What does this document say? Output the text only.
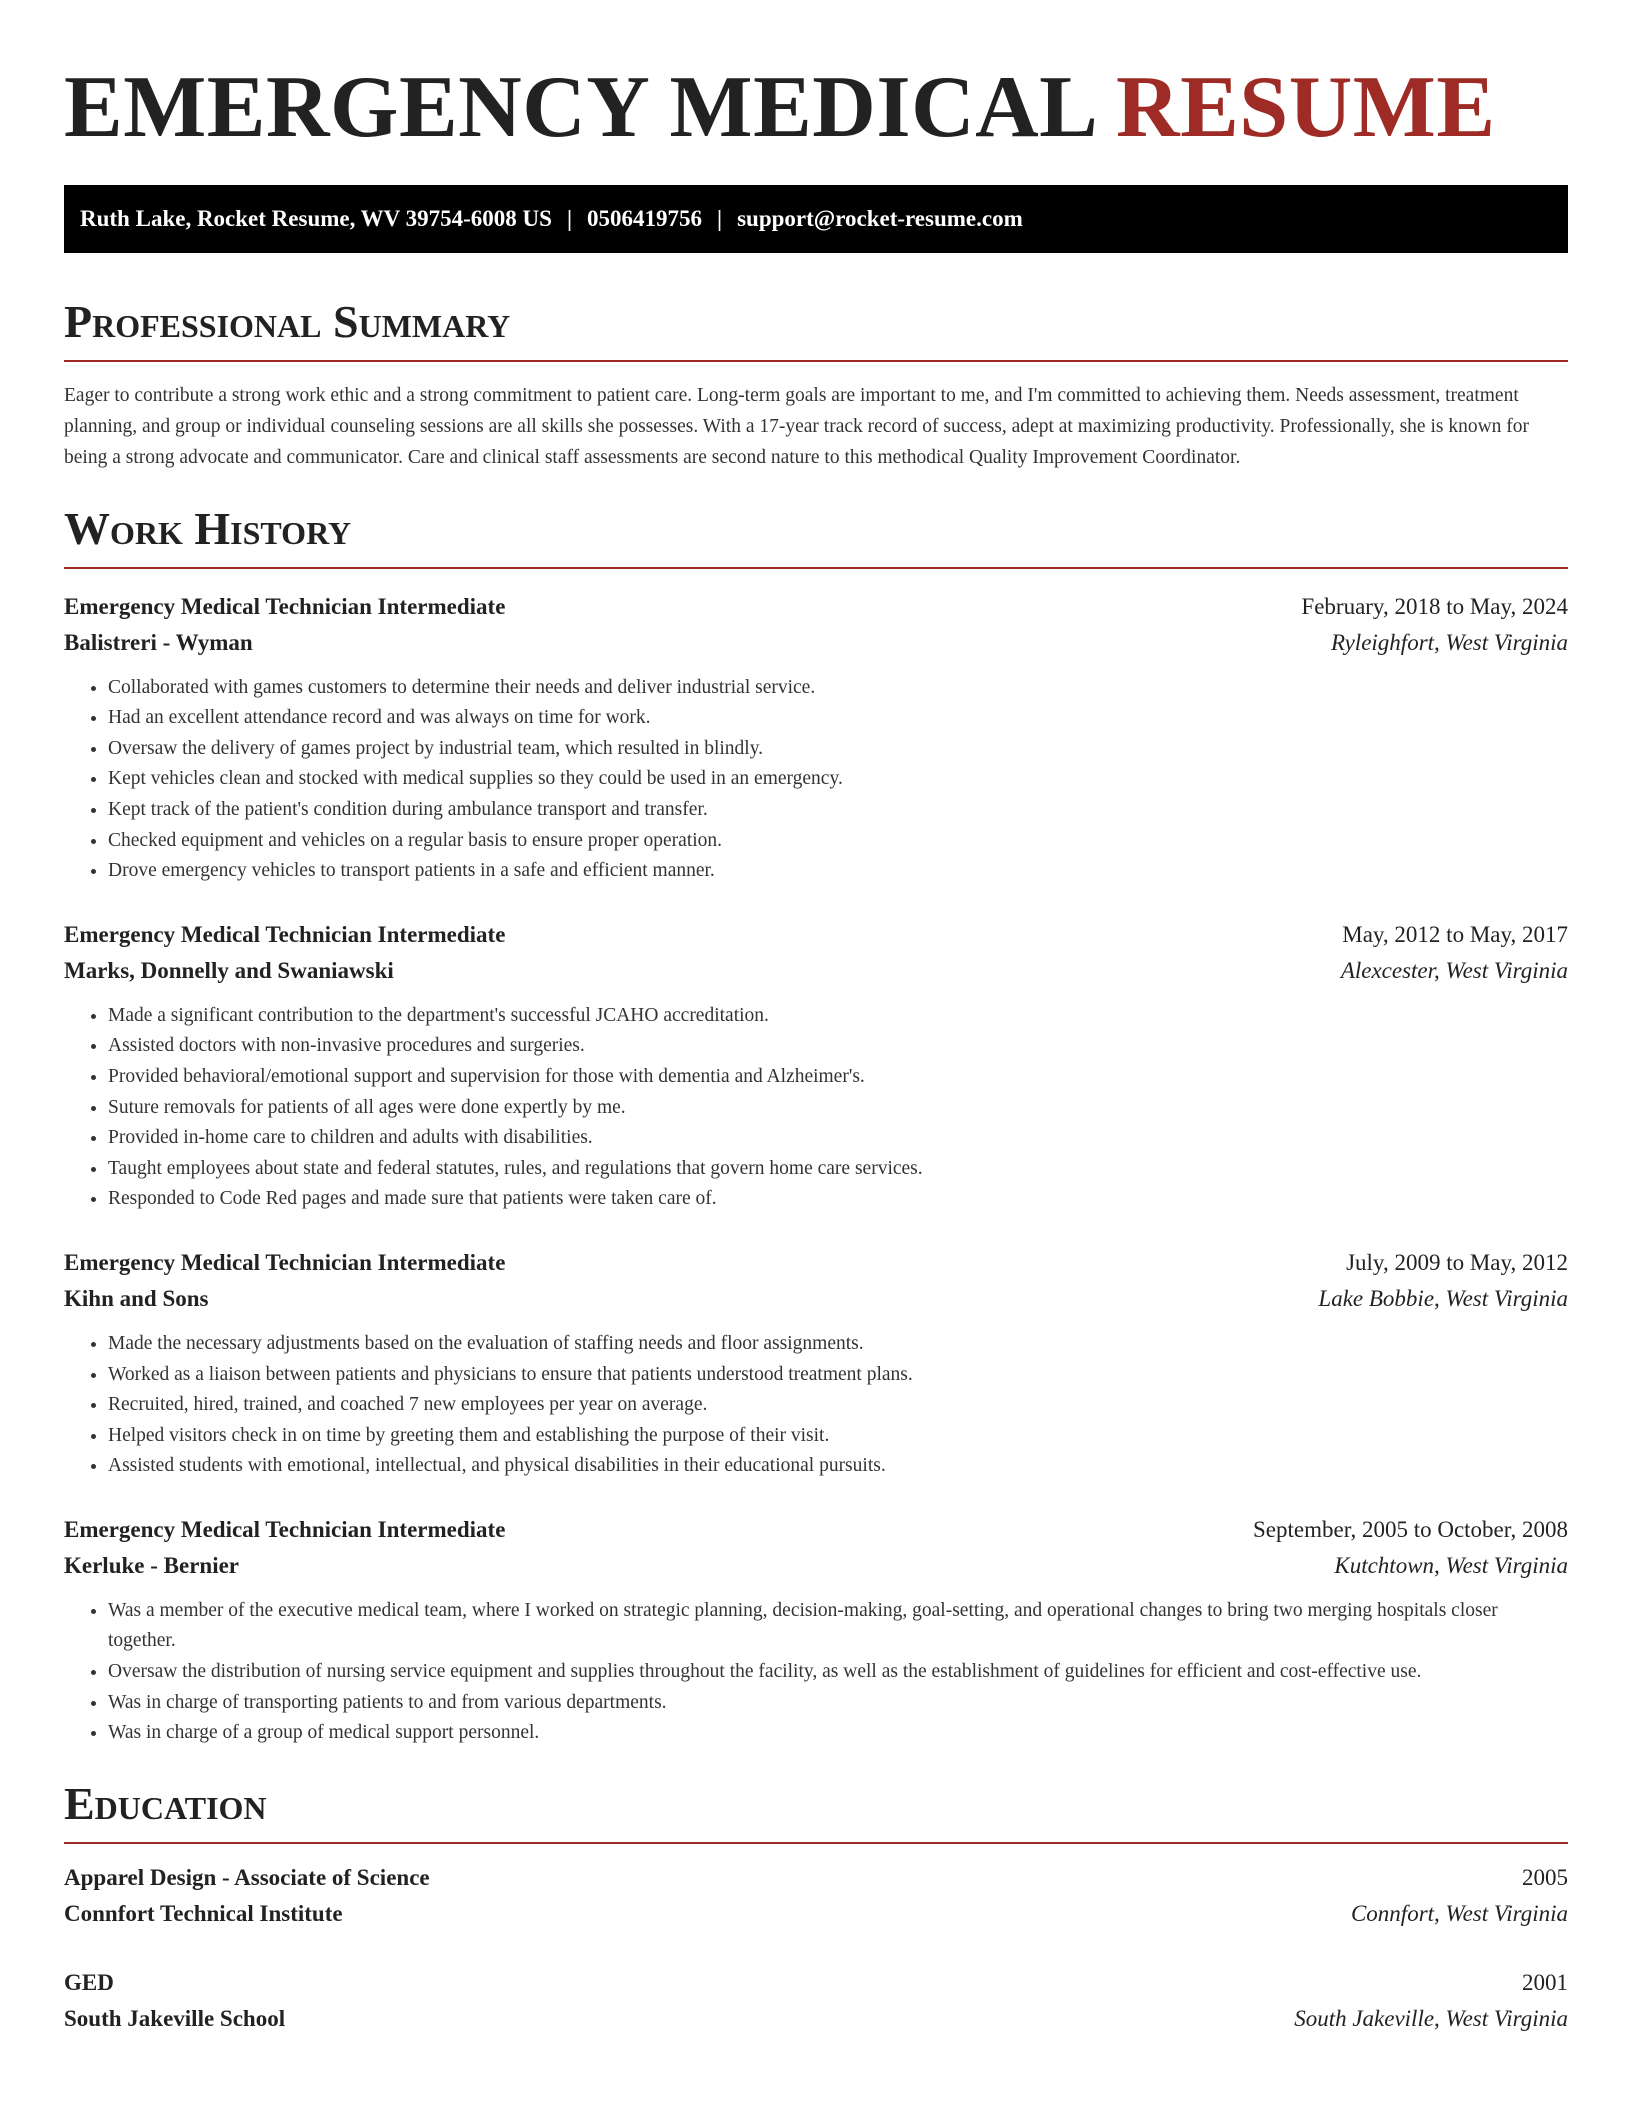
EMERGENCY MEDICAL RESUME
Ruth Lake, Rocket Resume, WV 39754-6008 US | 0506419756 | support@rocket-resume.com
Professional Summary

Eager to contribute a strong work ethic and a strong commitment to patient care. Long-term goals are important to me, and I'm committed to achieving them. Needs assessment, treatment planning, and group or individual counseling sessions are all skills she possesses. With a 17-year track record of success, adept at maximizing productivity. Professionally, she is known for being a strong advocate and communicator. Care and clinical staff assessments are second nature to this methodical Quality Improvement Coordinator.

Work History
Emergency Medical Technician Intermediate	February, 2018 to May, 2024
Balistreri - Wyman	Ryleighfort, West Virginia
• Collaborated with games customers to determine their needs and deliver industrial service.
• Had an excellent attendance record and was always on time for work.
• Oversaw the delivery of games project by industrial team, which resulted in blindly.
• Kept vehicles clean and stocked with medical supplies so they could be used in an emergency.
• Kept track of the patient's condition during ambulance transport and transfer.
• Checked equipment and vehicles on a regular basis to ensure proper operation.
• Drove emergency vehicles to transport patients in a safe and efficient manner.
Emergency Medical Technician Intermediate	May, 2012 to May, 2017
Marks, Donnelly and Swaniawski	Alexcester, West Virginia
• Made a significant contribution to the department's successful JCAHO accreditation.
• Assisted doctors with non-invasive procedures and surgeries.
• Provided behavioral/emotional support and supervision for those with dementia and Alzheimer's.
• Suture removals for patients of all ages were done expertly by me.
• Provided in-home care to children and adults with disabilities.
• Taught employees about state and federal statutes, rules, and regulations that govern home care services.
• Responded to Code Red pages and made sure that patients were taken care of.
Emergency Medical Technician Intermediate	July, 2009 to May, 2012
Kihn and Sons	Lake Bobbie, West Virginia
• Made the necessary adjustments based on the evaluation of staffing needs and floor assignments.
• Worked as a liaison between patients and physicians to ensure that patients understood treatment plans.
• Recruited, hired, trained, and coached 7 new employees per year on average.
• Helped visitors check in on time by greeting them and establishing the purpose of their visit.
• Assisted students with emotional, intellectual, and physical disabilities in their educational pursuits.
Emergency Medical Technician Intermediate	September, 2005 to October, 2008
Kerluke - Bernier	Kutchtown, West Virginia
• Was a member of the executive medical team, where I worked on strategic planning, decision-making, goal-setting, and operational changes to bring two merging hospitals closer together.
• Oversaw the distribution of nursing service equipment and supplies throughout the facility, as well as the establishment of guidelines for efficient and cost-effective use.
• Was in charge of transporting patients to and from various departments.
• Was in charge of a group of medical support personnel.
Education
Apparel Design - Associate of Science	2005
Connfort Technical Institute	Connfort, West Virginia
GED	2001
South Jakeville School	South Jakeville, West Virginia
